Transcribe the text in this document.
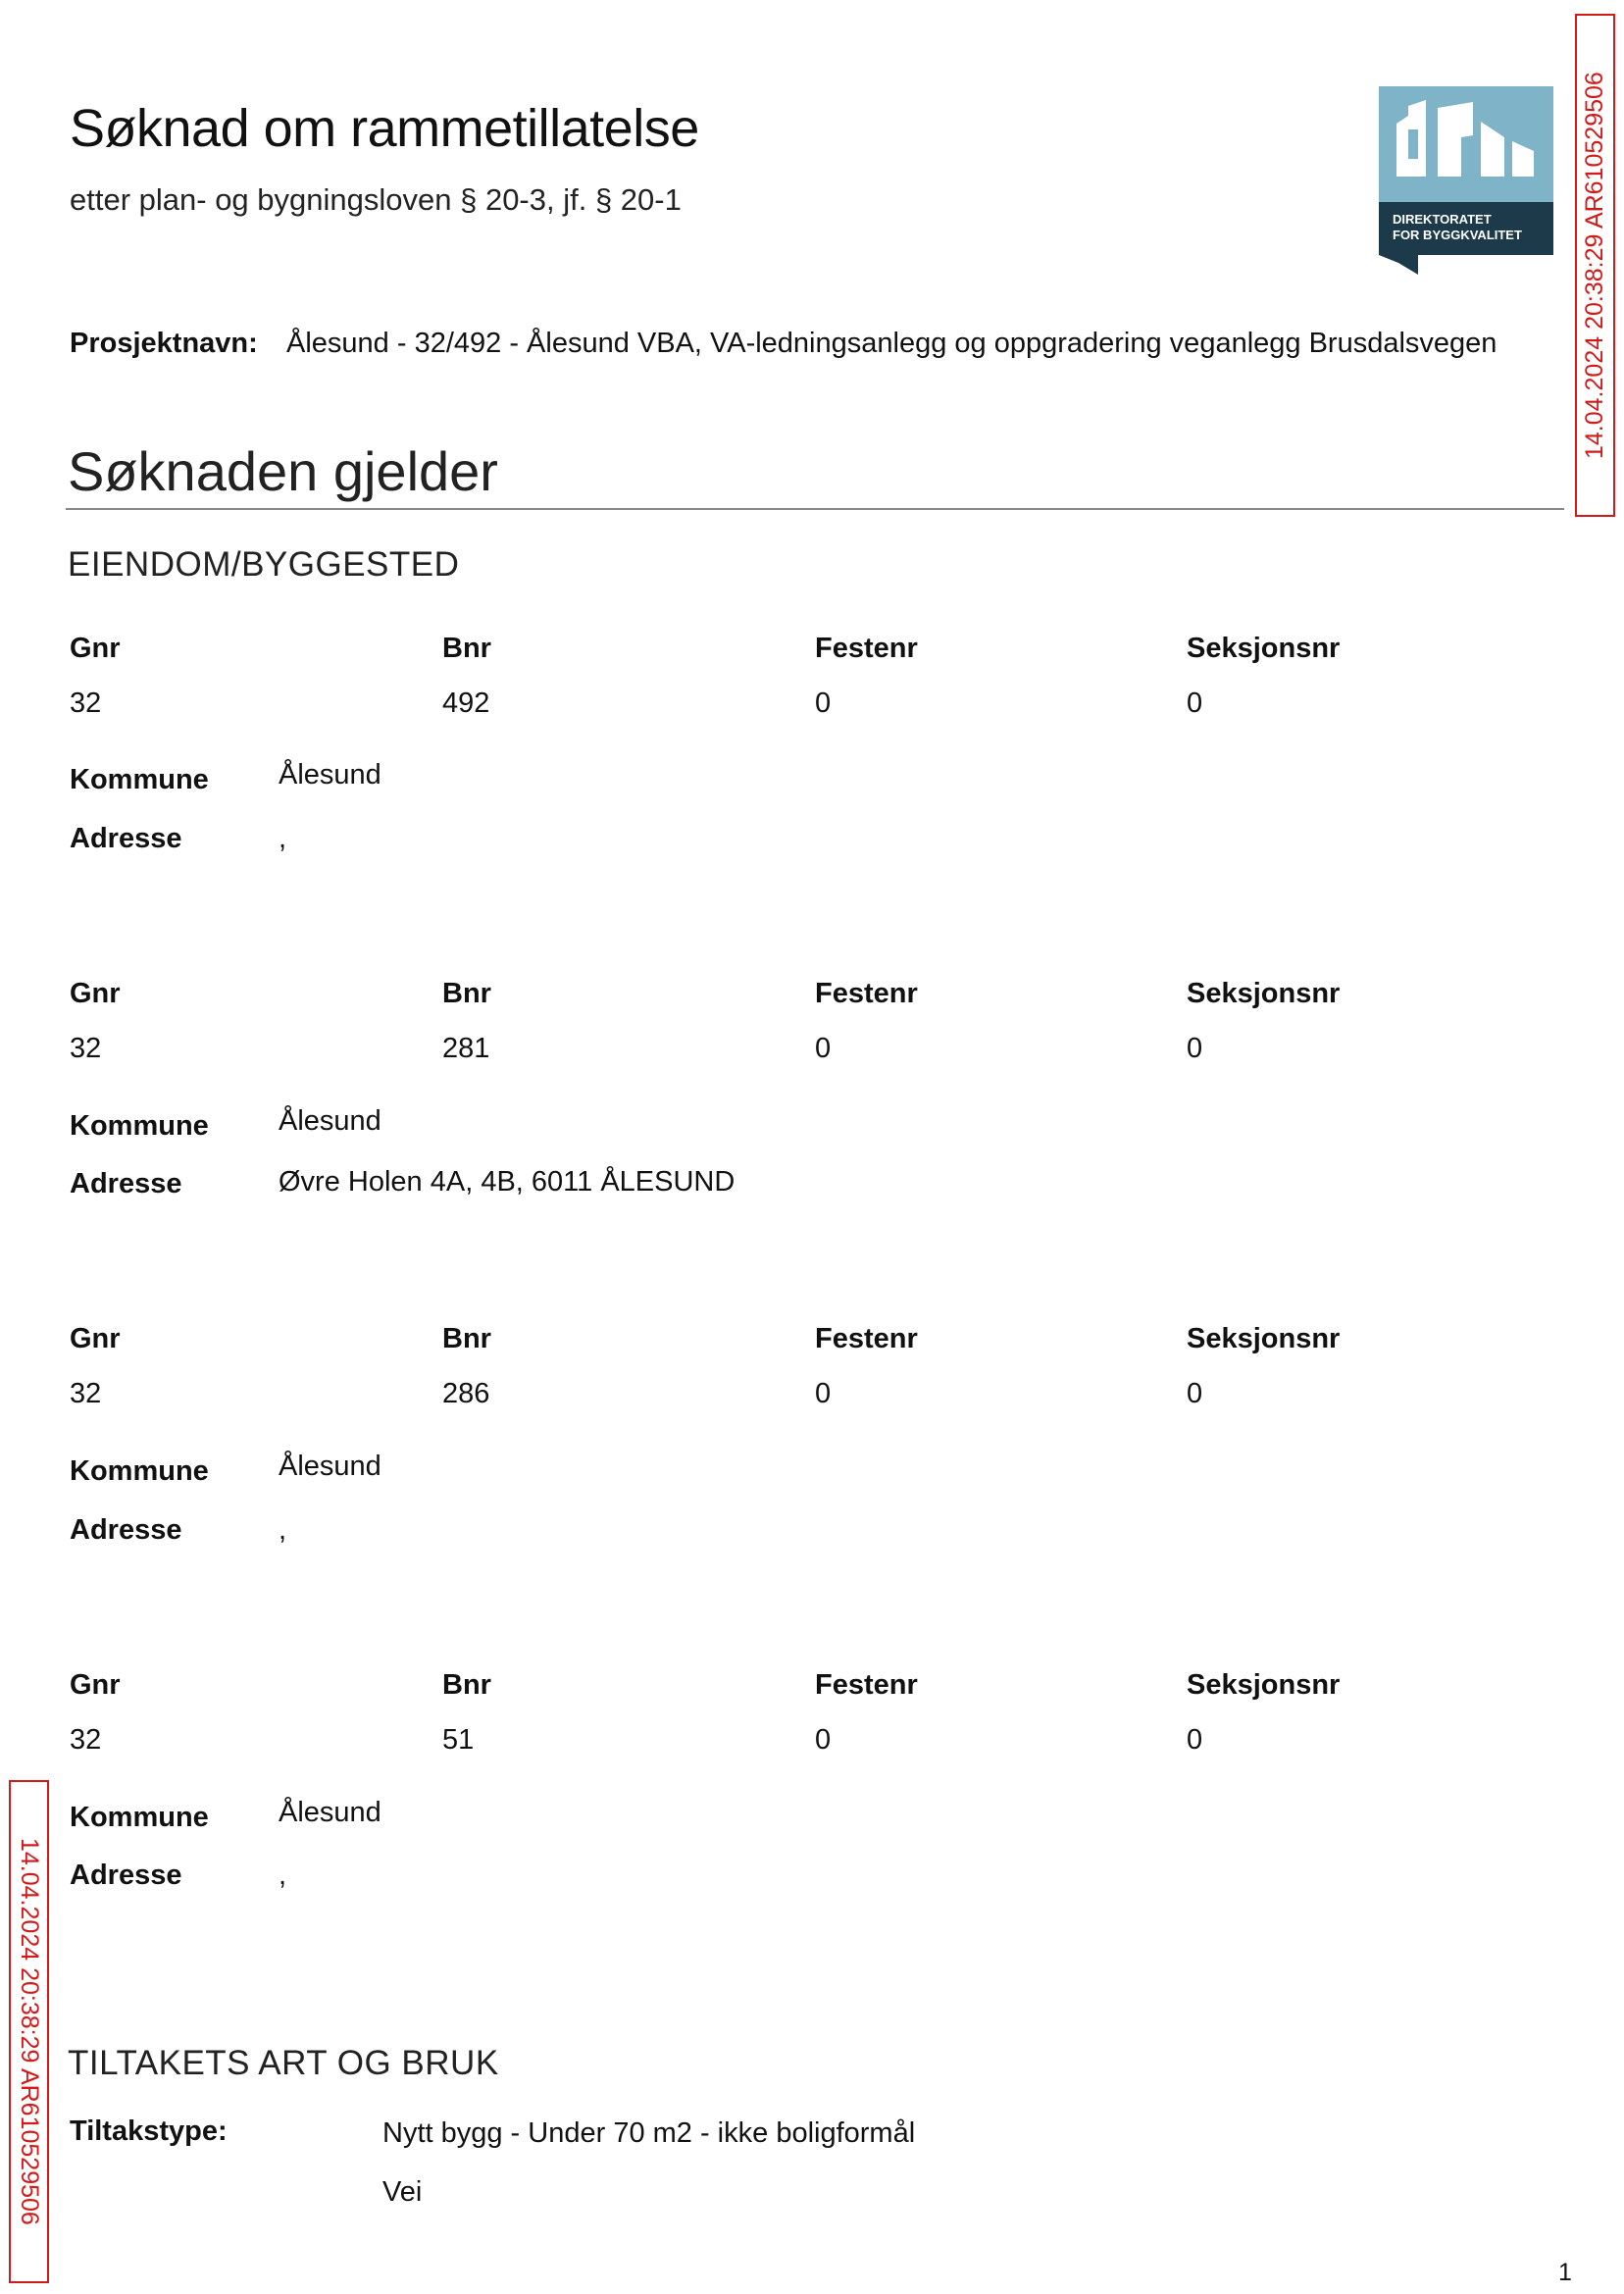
Søknad om rammetillatelse
etter plan- og bygningsloven § 20-3, jf. § 20-1
DIREKTORATET
FOR BYGGKVALITET 14.04.2024 20:38:29 AR610529506
14.04.2024 20:38:29 AR610529506
Prosjektnavn: Ålesund - 32/492 - Ålesund VBA, VA-ledningsanlegg og oppgradering veganlegg Brusdalsvegen
Søknaden gjelder
EIENDOM/BYGGESTED
Gnr	Bnr	Festenr	Seksjonsnr
32	492	0	0
Kommune Ålesund
Adresse	,
Gnr	Bnr	Festenr	Seksjonsnr
32	281	0	0
Kommune Ålesund
Adresse	Øvre Holen 4A, 4B, 6011 ÅLESUND
Gnr	Bnr	Festenr	Seksjonsnr
32	286	0	0
Kommune Ålesund
Adresse	,
Gnr	Bnr	Festenr	Seksjonsnr
32	51	0	0
Kommune Ålesund
Adresse	,
TILTAKETS ART OG BRUK
Tiltakstype:	Nytt bygg - Under 70 m2 - ikke boligformål
Vei
1
